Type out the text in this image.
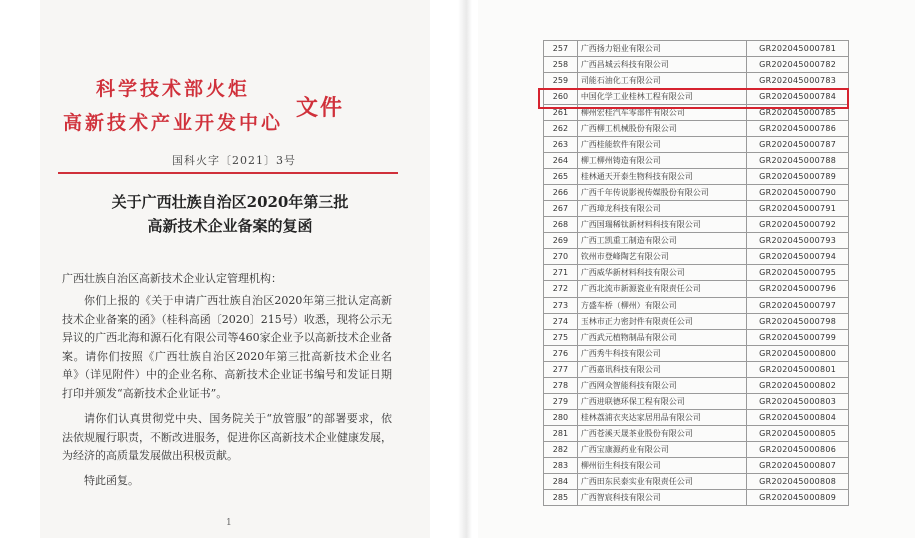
科学技术部火炬
高新技术产业开发中心
文件
国科火字〔2021〕3号
关于广西壮族自治区2020年第三批
高新技术企业备案的复函
广西壮族自治区高新技术企业认定管理机构：
你们上报的《关于申请广西壮族自治区2020年第三批认定高新技术企业备案的函》（桂科高函〔2020〕215号）收悉，现将公示无异议的广西北海和源石化有限公司等460家企业予以高新技术企业备案。请你们按照《广西壮族自治区2020年第三批高新技术企业名单》（详见附件）中的企业名称、高新技术企业证书编号和发证日期打印并颁发“高新技术企业证书”。
请你们认真贯彻党中央、国务院关于“放管服”的部署要求，依法依规履行职责，不断改进服务，促进你区高新技术企业健康发展，为经济的高质量发展做出积极贡献。
特此函复。
1
257	广西扬力铝业有限公司	GR202045000781
258	广西昌城云科技有限公司	GR202045000782
259	司能石油化工有限公司	GR202045000783
260	中国化学工业桂林工程有限公司	GR202045000784
261	柳州宏桂汽车零部件有限公司	GR202045000785
262	广西柳工机械股份有限公司	GR202045000786
263	广西桂能软件有限公司	GR202045000787
264	柳工柳州铸造有限公司	GR202045000788
265	桂林通天开泰生物科技有限公司	GR202045000789
266	广西千年传说影视传媒股份有限公司	GR202045000790
267	广西璋龙科技有限公司	GR202045000791
268	广西国瑞稀钛新材料科技有限公司	GR202045000792
269	广西工凯重工制造有限公司	GR202045000793
270	钦州市登峰陶艺有限公司	GR202045000794
271	广西威华新材料科技有限公司	GR202045000795
272	广西北流市新源瓷业有限责任公司	GR202045000796
273	方盛车桥（柳州）有限公司	GR202045000797
274	玉林市正力密封件有限责任公司	GR202045000798
275	广西武元植物制品有限公司	GR202045000799
276	广西秀牛科技有限公司	GR202045000800
277	广西嘉讯科技有限公司	GR202045000801
278	广西网众智能科技有限公司	GR202045000802
279	广西进联德环保工程有限公司	GR202045000803
280	桂林荔浦衣夹达家居用品有限公司	GR202045000804
281	广西苍溪天晟茶业股份有限公司	GR202045000805
282	广西宝康源药业有限公司	GR202045000806
283	柳州衍生科技有限公司	GR202045000807
284	广西田东民泰实业有限责任公司	GR202045000808
285	广西智宸科技有限公司	GR202045000809
